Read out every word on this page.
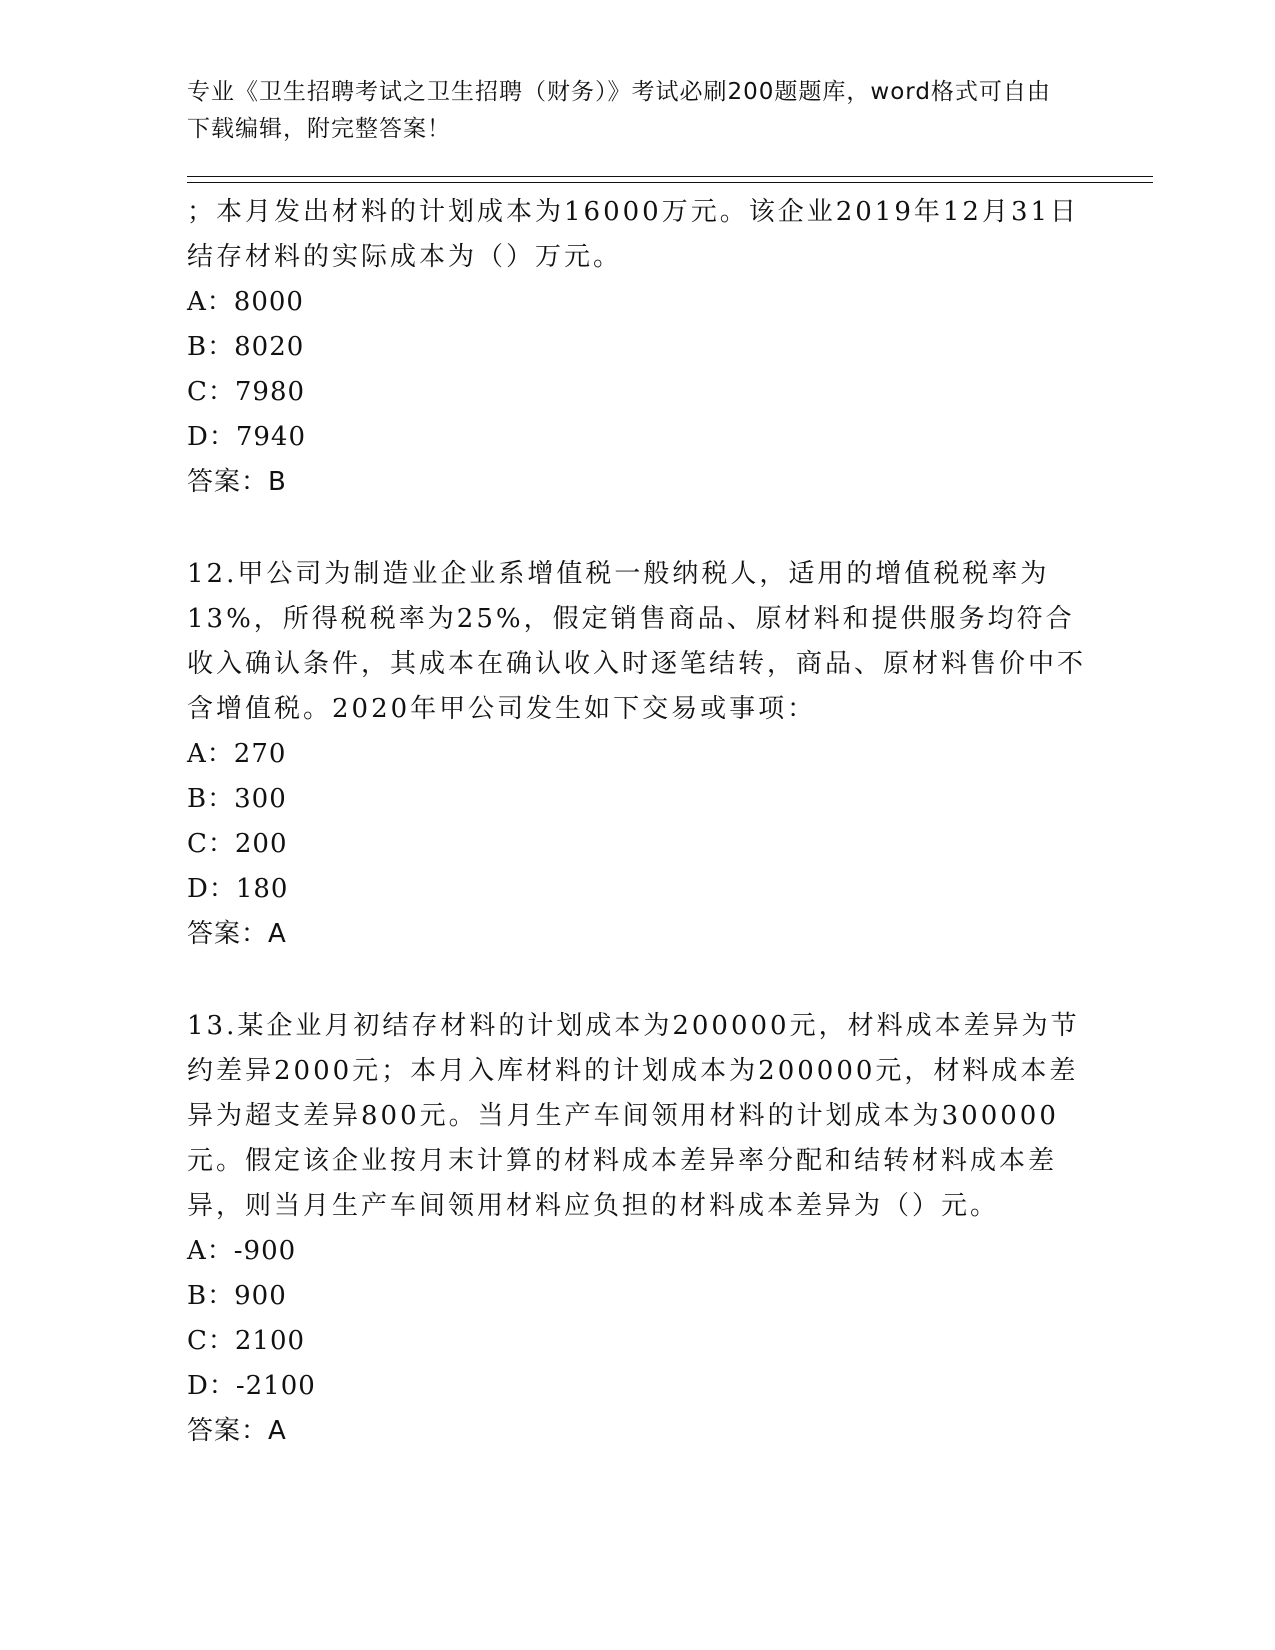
专业《卫生招聘考试之卫生招聘（财务）》考试必刷200题题库，word格式可自由下载编辑，附完整答案！
；本月发出材料的计划成本为16000万元。该企业2019年12月31日结存材料的实际成本为（）万元。
A：8000
B：8020
C：7980
D：7940
答案：B
12.甲公司为制造业企业系增值税一般纳税人，适用的增值税税率为13%，所得税税率为25%，假定销售商品、原材料和提供服务均符合收入确认条件，其成本在确认收入时逐笔结转，商品、原材料售价中不含增值税。2020年甲公司发生如下交易或事项：
A：270
B：300
C：200
D：180
答案：A
13.某企业月初结存材料的计划成本为200000元，材料成本差异为节约差异2000元；本月入库材料的计划成本为200000元，材料成本差异为超支差异800元。当月生产车间领用材料的计划成本为300000元。假定该企业按月末计算的材料成本差异率分配和结转材料成本差异，则当月生产车间领用材料应负担的材料成本差异为（）元。
A：-900
B：900
C：2100
D：-2100
答案：A
